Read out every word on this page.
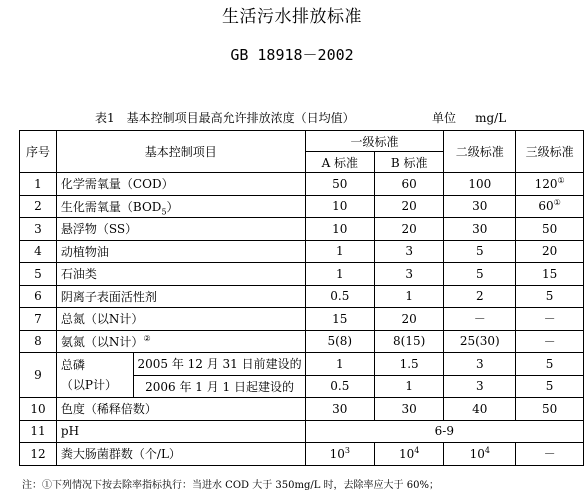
生活污水排放标准
GB 18918－2002
表1　基本控制项目最高允许排放浓度（日均值）	单位 mg/L
序号	基本控制项目		一级标准		二级标准	三级标准
			A 标准	B 标准		
1	化学需氧量（COD）		50	60	100	120①
2	生化需氧量$(BOD_5)$		10	20	30	60①
3	悬浮物（SS）		10	20	30	50
4	动植物油		1	3	5	20
5	石油类		1	3	5	15
6	阴离子表面活性剂		0.5	1	2	5
7	总氮（以N计）		15	20	－	－
8	氨氮（以N计）②		5(8)	8(15)	25(30)	－
9	总磷
（以P计）	2005 年 12 月 31 日前建设的	1	1.5	3	5
		2006 年 1 月 1 日起建设的	0.5	1	3	5
10	色度（稀释倍数）		30	30	40	50
11	pH		6-9			
12	粪大肠菌群数（个/L）		$10^3$	$10^4$	$10^4$	－
注：①下列情况下按去除率指标执行：当进水 COD 大于 350mg/L 时，去除率应大于 60%；
